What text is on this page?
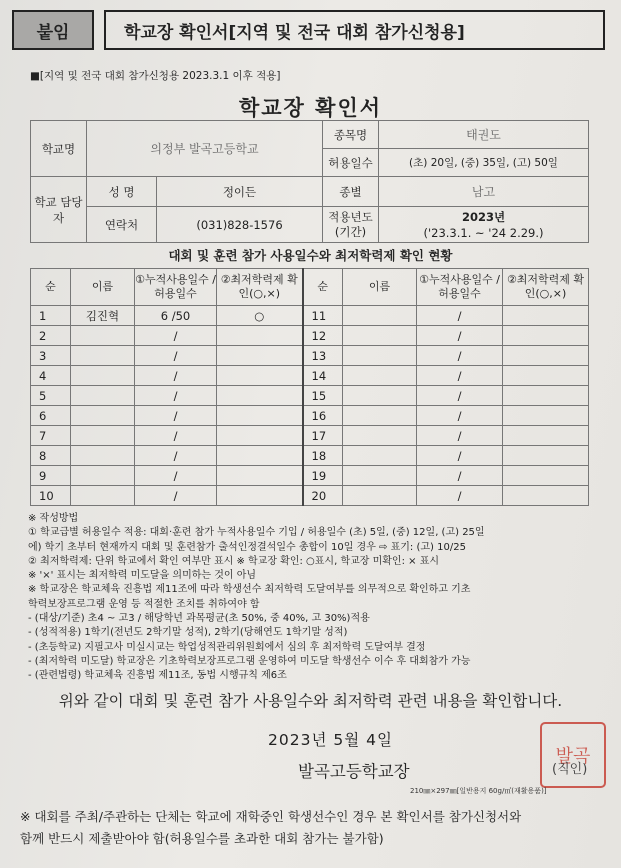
붙임	학교장 확인서[지역 및 전국 대회 참가신청용]
■[지역 및 전국 대회 참가신청용 2023.3.1 이후 적용]
학교장 확인서
학교명	의정부 발곡고등학교		종목명	태권도
			허용일수	(초) 20일, (중) 35일, (고) 50일
학교 담당자	성 명	정이든	종별	남고
	연락처	(031)828-1576	적용년도 (기간)	2023년
('23.3.1. ~ '24 2.29.)
대회 및 훈련 참가 사용일수와 최저학력제 확인 현황
순	이름	①누적사용일수 /허용일수	②최저학력제 확인(○,×)	순	이름	①누적사용일수 /허용일수	②최저학력제 확인(○,×)
1	김진혁	6 /50	○	11		/	
2		/		12		/	
3		/		13		/	
4		/		14		/	
5		/		15		/	
6		/		16		/	
7		/		17		/	
8		/		18		/	
9		/		19		/	
10		/		20		/	
※ 작성방법
① 학교급별 허용일수 적용: 대회·훈련 참가 누적사용일수 기입 / 허용일수 (초) 5일, (중) 12일, (고) 25일
에) 학기 초부터 현재까지 대회 및 훈련참가 출석인정결석일수 총합이 10일 경우 ⇨ 표기: (고) 10/25
② 최저학력제: 단위 학교에서 확인 여부만 표시 ※ 학교장 확인: ○표시, 학교장 미확인: × 표시
※ '×' 표시는 최저학력 미도달을 의미하는 것이 아님
※ 학교장은 학교체육 진흥법 제11조에 따라 학생선수 최저학력 도달여부를 의무적으로 확인하고 기초
학력보장프로그램 운영 등 적절한 조치를 취하여야 함
- (대상/기준) 초4 ~ 고3 / 해당학년 과목평균(초 50%, 중 40%, 고 30%)적용
- (성적적용) 1학기(전년도 2학기말 성적), 2학기(당해연도 1학기말 성적)
- (초등학교) 지필고사 미실시교는 학업성적관리위원회에서 심의 후 최저학력 도달여부 결정
- (최저학력 미도달) 학교장은 기초학력보장프로그램 운영하여 미도달 학생선수 이수 후 대회참가 가능
- (관련법령) 학교체육 진흥법 제11조, 동법 시행규칙 제6조
위와 같이 대회 및 훈련 참가 사용일수와 최저학력 관련 내용을 확인합니다.
2023년 5월 4일
발곡고등학교장
발곡
(직인)
210㎜×297㎜[일반용지 60g/㎡(재활용품)]
※ 대회를 주최/주관하는 단체는 학교에 재학중인 학생선수인 경우 본 확인서를 참가신청서와
함께 반드시 제출받아야 함(허용일수를 초과한 대회 참가는 불가함)
